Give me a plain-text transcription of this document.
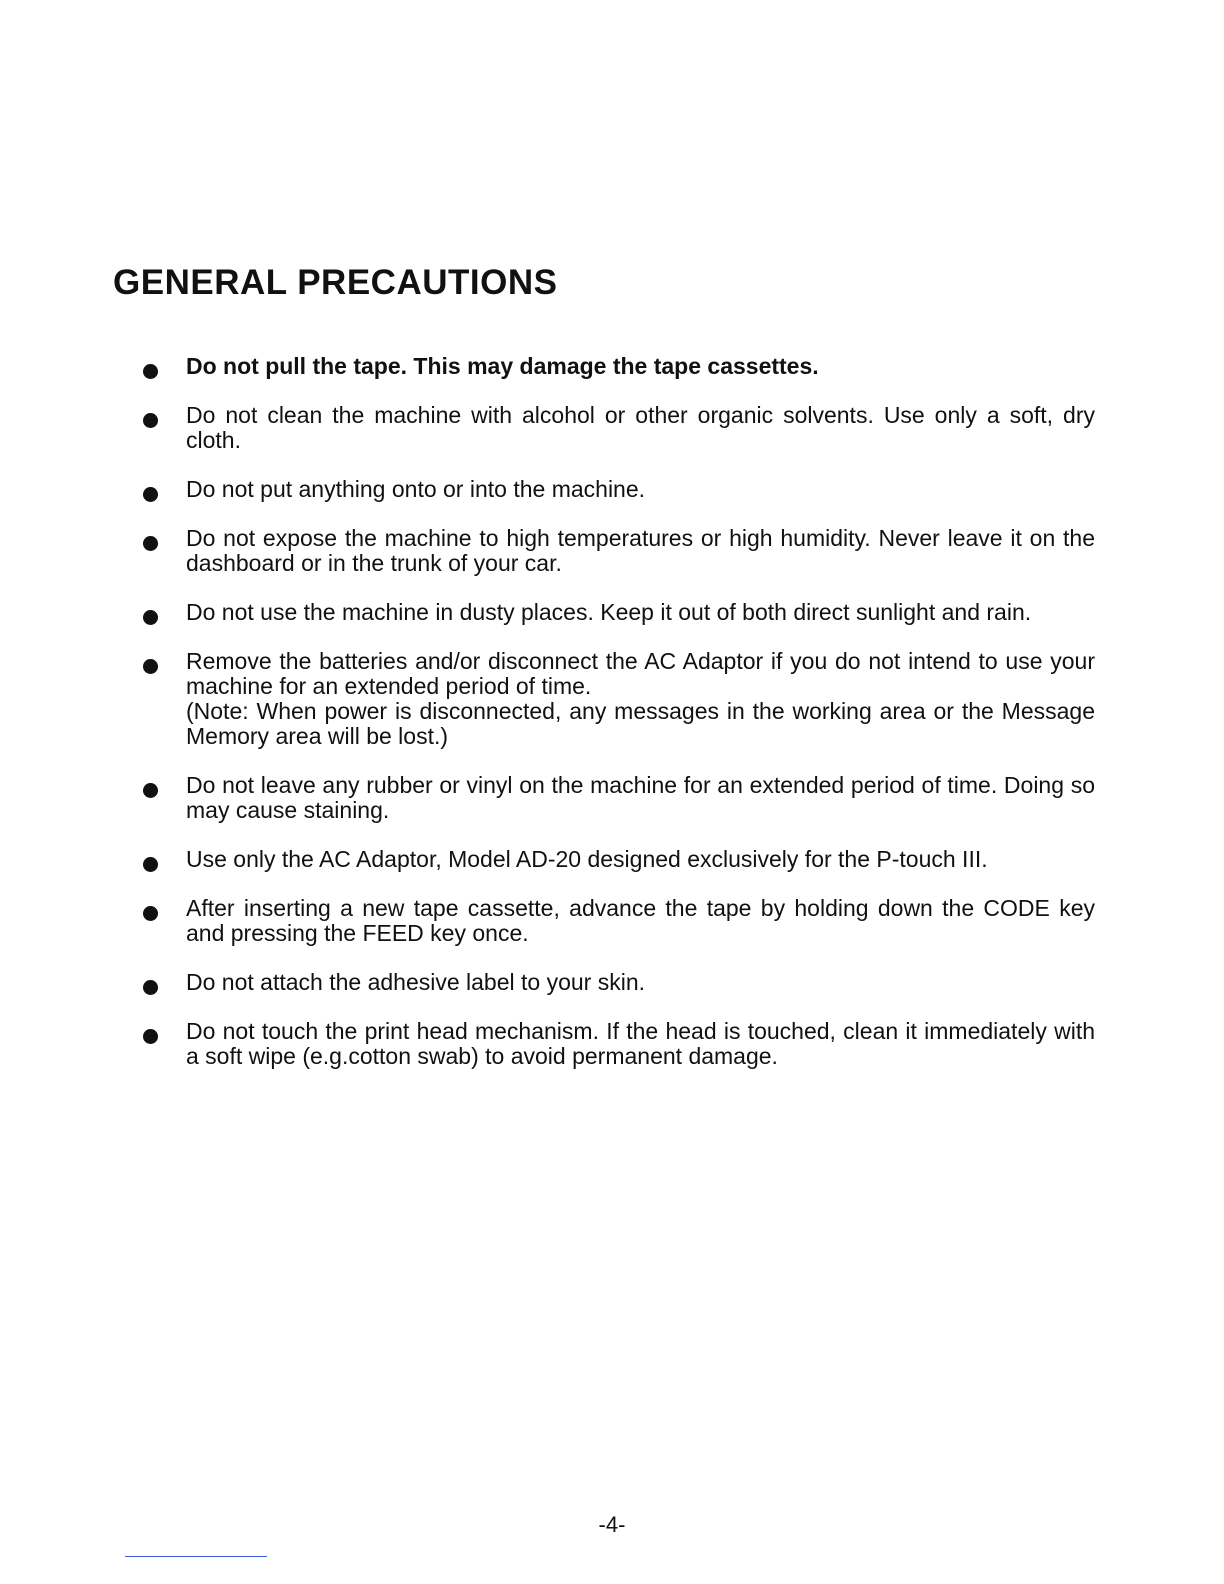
GENERAL PRECAUTIONS

Do not pull the tape. This may damage the tape cassettes.

Do not clean the machine with alcohol or other organic solvents. Use only a soft, dry cloth.

Do not put anything onto or into the machine.

Do not expose the machine to high temperatures or high humidity. Never leave it on the dashboard or in the trunk of your car.

Do not use the machine in dusty places. Keep it out of both direct sunlight and rain.

Remove the batteries and/or disconnect the AC Adaptor if you do not intend to use your machine for an extended period of time.
(Note: When power is disconnected, any messages in the working area or the Message Memory area will be lost.)

Do not leave any rubber or vinyl on the machine for an extended period of time. Doing so may cause staining.

Use only the AC Adaptor, Model AD-20 designed exclusively for the P-touch III.

After inserting a new tape cassette, advance the tape by holding down the CODE key and pressing the FEED key once.

Do not attach the adhesive label to your skin.

Do not touch the print head mechanism. If the head is touched, clean it immediately with a soft wipe (e.g.cotton swab) to avoid permanent damage.

-4-
